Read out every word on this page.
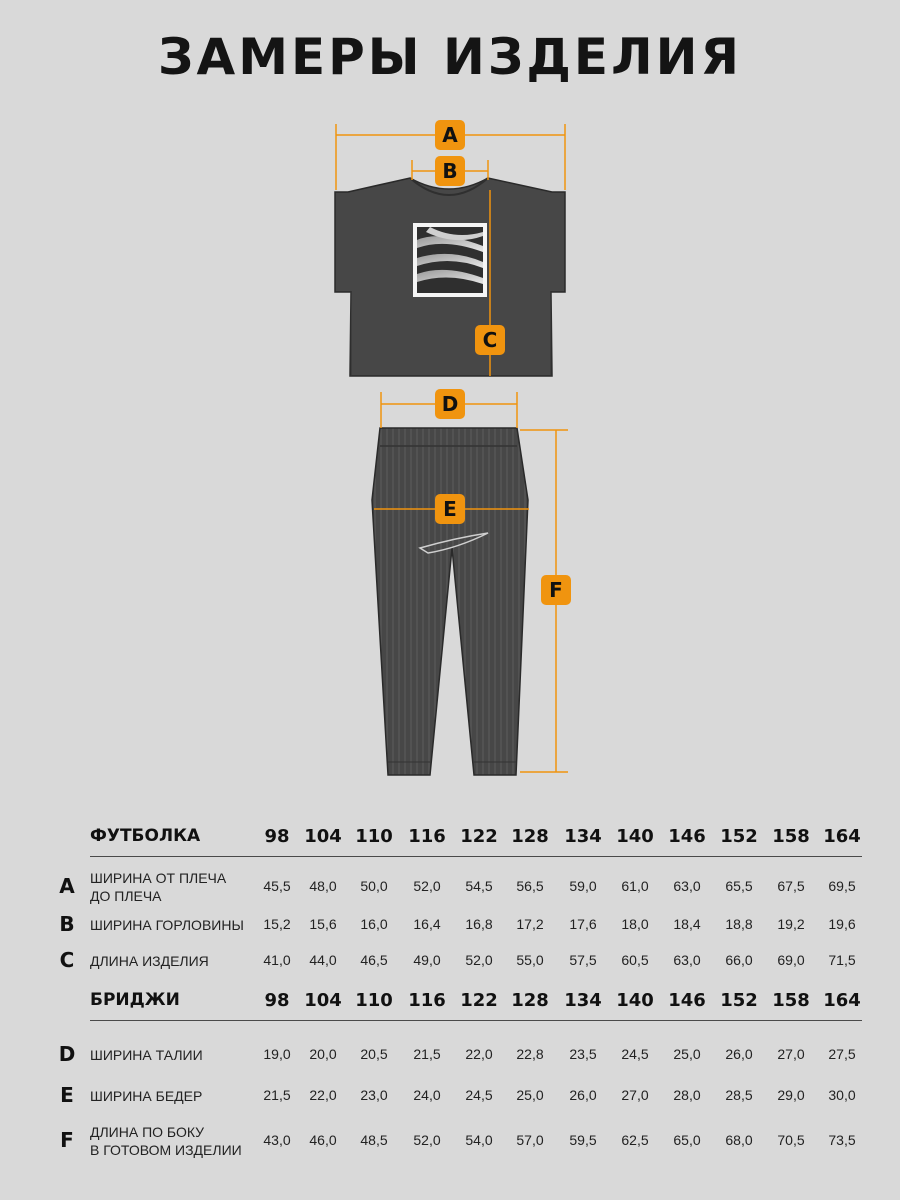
ЗАМЕРЫ ИЗДЕЛИЯ
A
B
C
D
E
F
ФУТБОЛКА	98 104 110 116 122 128 134 140 146 152 158 164
A	ШИРИНА ОТ ПЛЕЧА
ДО ПЛЕЧА
45,5	48,0	50,0	52,0	54,5	56,5	59,0	61,0	63,0	65,5	67,5	69,5
B	ШИРИНА ГОРЛОВИНЫ	15,2	15,6	16,0	16,4	16,8	17,2	17,6	18,0	18,4	18,8	19,2	19,6
C	ДЛИНА ИЗДЕЛИЯ	41,0	44,0	46,5	49,0	52,0	55,0	57,5	60,5	63,0	66,0	69,0	71,5
БРИДЖИ	98 104 110 116 122 128 134 140 146 152 158 164
D ШИРИНА ТАЛИИ	19,0	20,0	20,5	21,5	22,0	22,8	23,5	24,5	25,0	26,0	27,0	27,5
E	ШИРИНА БЕДЕР	21,5	22,0	23,0	24,0	24,5	25,0	26,0	27,0	28,0	28,5	29,0	30,0
F	ДЛИНА ПО БОКУ
В ГОТОВОМ ИЗДЕЛИИ
43,0	46,0	48,5	52,0	54,0	57,0	59,5	62,5	65,0	68,0	70,5	73,5
